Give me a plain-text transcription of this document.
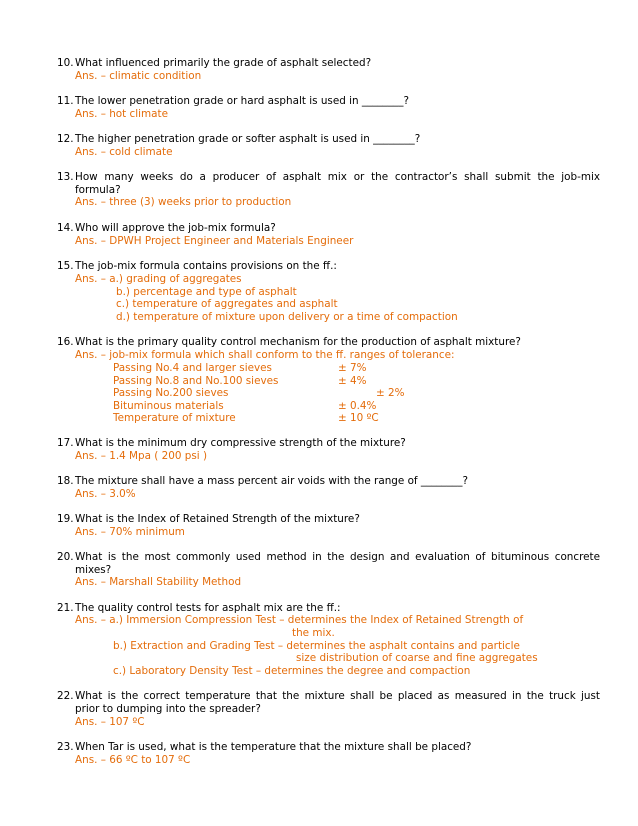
10. What influenced primarily the grade of asphalt selected?
Ans. – climatic condition
11. The lower penetration grade or hard asphalt is used in ________?
Ans. – hot climate
12. The higher penetration grade or softer asphalt is used in ________?
Ans. – cold climate
13. How many weeks do a producer of asphalt mix or the contractor’s shall submit the job-mix
formula?
Ans. – three (3) weeks prior to production
14. Who will approve the job-mix formula?
Ans. – DPWH Project Engineer and Materials Engineer
15. The job-mix formula contains provisions on the ff.:
Ans. – a.) grading of aggregates
b.) percentage and type of asphalt
c.) temperature of aggregates and asphalt
d.) temperature of mixture upon delivery or a time of compaction
16. What is the primary quality control mechanism for the production of asphalt mixture?
Ans. – job-mix formula which shall conform to the ff. ranges of tolerance:
Passing No.4 and larger sieves	± 7%
Passing No.8 and No.100 sieves	± 4%
Passing No.200 sieves	± 2%
Bituminous materials	± 0.4%
Temperature of mixture	± 10 ºC
17. What is the minimum dry compressive strength of the mixture?
Ans. – 1.4 Mpa ( 200 psi )
18. The mixture shall have a mass percent air voids with the range of ________?
Ans. – 3.0%
19. What is the Index of Retained Strength of the mixture?
Ans. – 70% minimum
20. What is the most commonly used method in the design and evaluation of bituminous concrete
mixes?
Ans. – Marshall Stability Method
21. The quality control tests for asphalt mix are the ff.:
Ans. – a.) Immersion Compression Test – determines the Index of Retained Strength of
the mix.
b.) Extraction and Grading Test – determines the asphalt contains and particle
size distribution of coarse and fine aggregates
c.) Laboratory Density Test – determines the degree and compaction
22. What is the correct temperature that the mixture shall be placed as measured in the truck just
prior to dumping into the spreader?
Ans. – 107 ºC
23. When Tar is used, what is the temperature that the mixture shall be placed?
Ans. – 66 ºC to 107 ºC
